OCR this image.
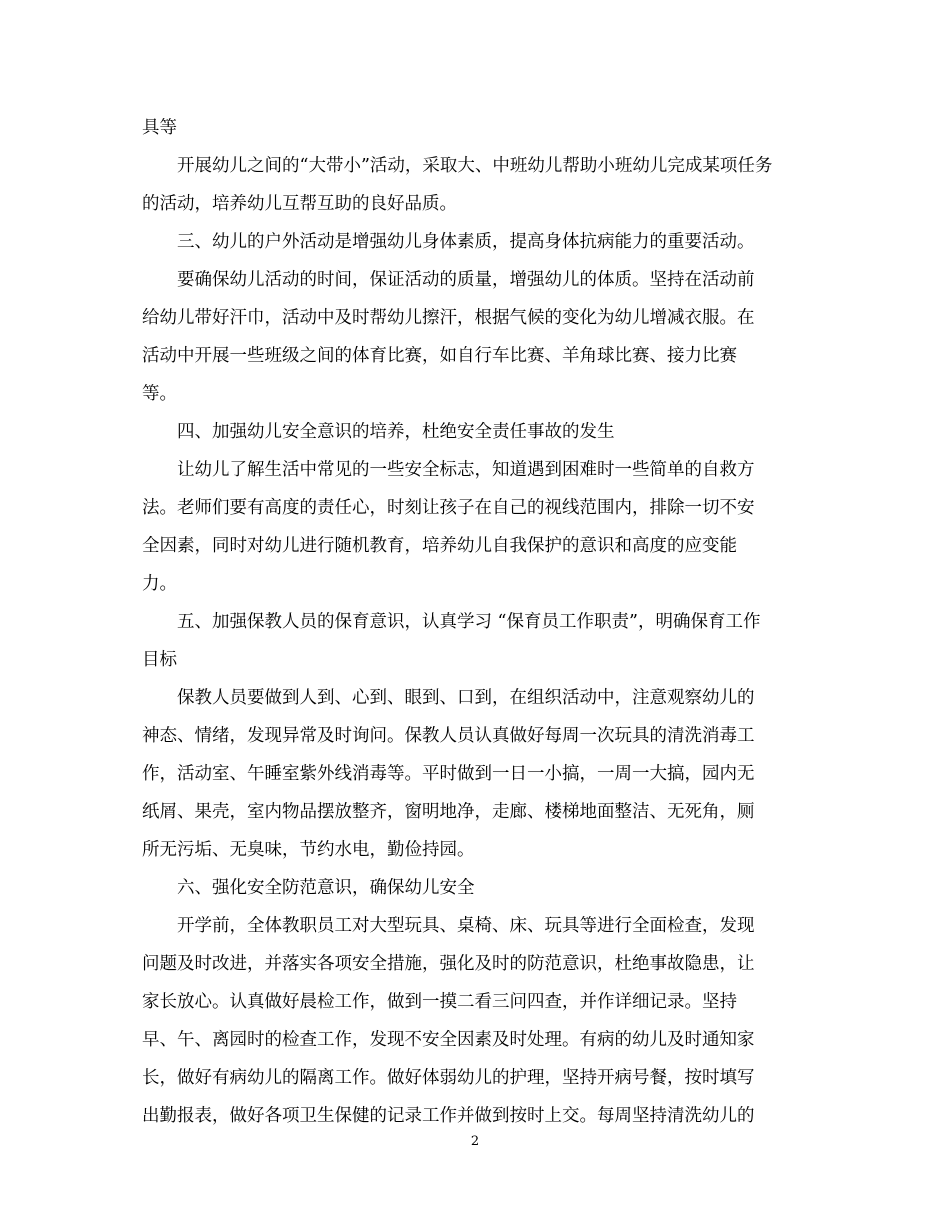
具等
开展幼儿之间的“大带小”活动，采取大、中班幼儿帮助小班幼儿完成某项任务
的活动，培养幼儿互帮互助的良好品质。
三、幼儿的户外活动是增强幼儿身体素质，提高身体抗病能力的重要活动。
要确保幼儿活动的时间，保证活动的质量，增强幼儿的体质。坚持在活动前
给幼儿带好汗巾，活动中及时帮幼儿擦汗，根据气候的变化为幼儿增减衣服。在
活动中开展一些班级之间的体育比赛，如自行车比赛、羊角球比赛、接力比赛
等。
四、加强幼儿安全意识的培养，杜绝安全责任事故的发生
让幼儿了解生活中常见的一些安全标志，知道遇到困难时一些简单的自救方
法。老师们要有高度的责任心，时刻让孩子在自己的视线范围内，排除一切不安
全因素，同时对幼儿进行随机教育，培养幼儿自我保护的意识和高度的应变能
力。
五、加强保教人员的保育意识，认真学习 “保育员工作职责”，明确保育工作
目标
保教人员要做到人到、心到、眼到、口到，在组织活动中，注意观察幼儿的
神态、情绪，发现异常及时询问。保教人员认真做好每周一次玩具的清洗消毒工
作，活动室、午睡室紫外线消毒等。平时做到一日一小搞，一周一大搞，园内无
纸屑、果壳，室内物品摆放整齐，窗明地净，走廊、楼梯地面整洁、无死角，厕
所无污垢、无臭味，节约水电，勤俭持园。
六、强化安全防范意识，确保幼儿安全
开学前，全体教职员工对大型玩具、桌椅、床、玩具等进行全面检查，发现
问题及时改进，并落实各项安全措施，强化及时的防范意识，杜绝事故隐患，让
家长放心。认真做好晨检工作，做到一摸二看三问四查，并作详细记录。坚持
早、午、离园时的检查工作，发现不安全因素及时处理。有病的幼儿及时通知家
长，做好有病幼儿的隔离工作。做好体弱幼儿的护理，坚持开病号餐，按时填写
出勤报表，做好各项卫生保健的记录工作并做到按时上交。每周坚持清洗幼儿的
2
